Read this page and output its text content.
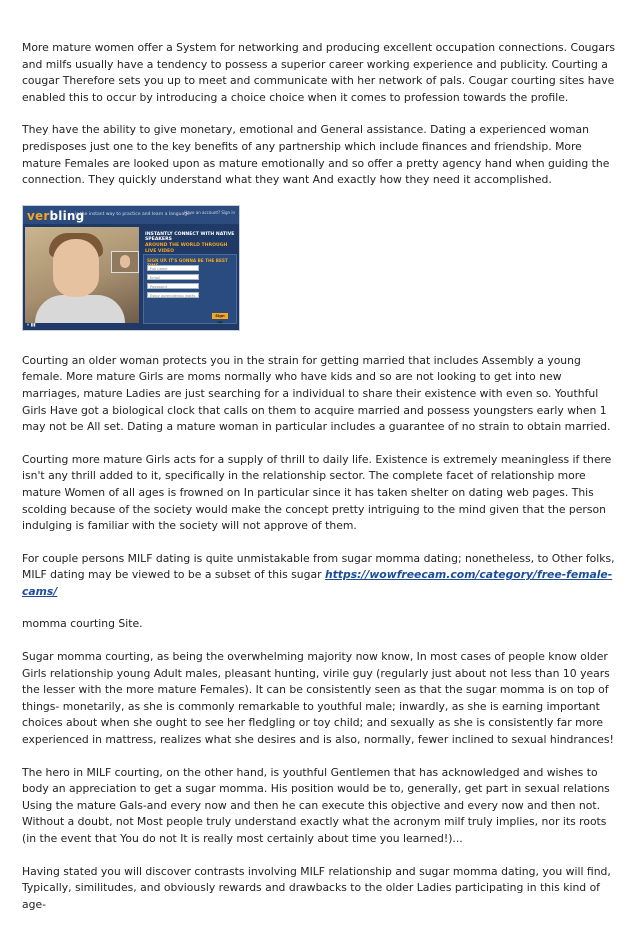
More mature women offer a System for networking and producing excellent occupation connections. Cougars and milfs usually have a tendency to possess a superior career working experience and publicity. Courting a cougar Therefore sets you up to meet and communicate with her network of pals. Cougar courting sites have enabled this to occur by introducing a choice choice when it comes to profession towards the profile.

They have the ability to give monetary, emotional and General assistance. Dating a experienced woman predisposes just one to the key benefits of any partnership which include finances and friendship. More mature Females are looked upon as mature emotionally and so offer a pretty agency hand when guiding the connection. They quickly understand what they want And exactly how they need it accomplished.

verbling
is the instant way to practice and learn a language.
Have an account? Sign in
⏸ ▮▮
INSTANTLY CONNECT WITH NATIVE SPEAKERS
AROUND THE WORLD THROUGH LIVE VIDEO
SIGN UP. IT'S GONNA BE THE BEST
Full name
Email
Password
Estoy aprendiendo inglés
Sign up

Courting an older woman protects you in the strain for getting married that includes Assembly a young female. More mature Girls are moms normally who have kids and so are not looking to get into new marriages, mature Ladies are just searching for a individual to share their existence with even so. Youthful Girls Have got a biological clock that calls on them to acquire married and possess youngsters early when 1 may not be All set. Dating a mature woman in particular includes a guarantee of no strain to obtain married.

Courting more mature Girls acts for a supply of thrill to daily life. Existence is extremely meaningless if there isn't any thrill added to it, specifically in the relationship sector. The complete facet of relationship more mature Women of all ages is frowned on In particular since it has taken shelter on dating web pages. This scolding because of the society would make the concept pretty intriguing to the mind given that the person indulging is familiar with the society will not approve of them.

For couple persons MILF dating is quite unmistakable from sugar momma dating; nonetheless, to Other folks, MILF dating may be viewed to be a subset of this sugar https://wowfreecam.com/category/free-female-cams/

momma courting Site.

Sugar momma courting, as being the overwhelming majority now know, In most cases of people know older Girls relationship young Adult males, pleasant hunting, virile guy (regularly just about not less than 10 years the lesser with the more mature Females). It can be consistently seen as that the sugar momma is on top of things- monetarily, as she is commonly remarkable to youthful male; inwardly, as she is earning important choices about when she ought to see her fledgling or toy child; and sexually as she is consistently far more experienced in mattress, realizes what she desires and is also, normally, fewer inclined to sexual hindrances!

The hero in MILF courting, on the other hand, is youthful Gentlemen that has acknowledged and wishes to body an appreciation to get a sugar momma. His position would be to, generally, get part in sexual relations Using the mature Gals-and every now and then he can execute this objective and every now and then not. Without a doubt, not Most people truly understand exactly what the acronym milf truly implies, nor its roots (in the event that You do not It is really most certainly about time you learned!)...

Having stated you will discover contrasts involving MILF relationship and sugar momma dating, you will find, Typically, similitudes, and obviously rewards and drawbacks to the older Ladies participating in this kind of age-
